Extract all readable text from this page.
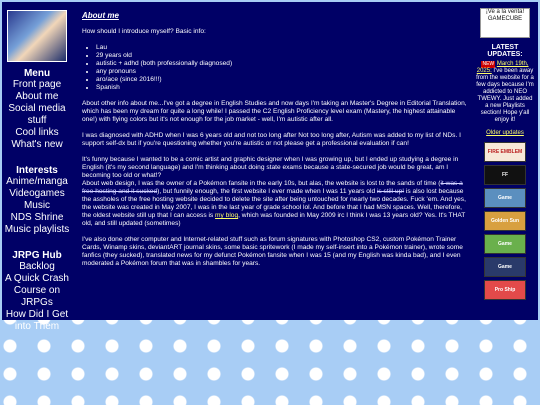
Menu
Front page
About me
Social media stuff
Cool links
What's new
Interests
Anime/manga
Videogames
Music
NDS Shrine
Music playlists
JRPG Hub
Backlog
A Quick Crash Course on JRPGs
How Did I Get into Them
About me

How should I introduce myself? Basic info:

• Lau
• 29 years old
• autistic + adhd (both professionally diagnosed)
• any pronouns
• aro/ace (since 2016!!!)
• Spanish

About other info about me...I've got a degree in English Studies and now days I'm taking an Master's Degree in Editorial Translation, which has been my dream for quite a long while! I passed the C2 English Proficiency level exam (Mastery, the highest attainable one!) with flying colors but it's not enough for the job market - well, I'm autistic after all.

I was diagnosed with ADHD when I was 6 years old and not too long after Not too long after, Autism was added to my list of NDs. I support self-dx but if you're questioning whether you're autistic or not please get a professional evaluation if can!

It's funny because I wanted to be a comic artist and graphic designer when I was growing up, but I ended up studying a degree in English (it's my second language) and I'm thinking about doing state exams because a state-secured job would be great, am I becoming too old or what!?
About web design, I was the owner of a Pokémon fansite in the early 10s, but alas, the website is lost to the sands of time (it was a free hosting and it sucked), but funnily enough, the first website I ever made when I was 11 years old is still up! is also lost because the assholes of the free hosting website decided to delete the site after being untouched for nearly two decades. Fuck 'em. And yes, the website was created in May 2007, I was in the last year of grade school lol. And before that I had MSN spaces. Well, therefore, the oldest website still up that I can access is my blog, which was founded in May 2009 irc I think I was 13 years old? Yes. It's THAT old, and still updated (sometimes)

I've also done other computer and Internet-related stuff such as forum signatures with Photoshop CS2, custom Pokémon Trainer Cards, Winamp skins, deviantART journal skins, some basic spritework (I made my self-insert into a Pokémon trainer), wrote some fanfics (they sucked), translated news for my defunct Pokémon fansite when I was 15 (and my English was kinda bad), and I even moderated a Pokémon forum that was in shambles for years.

¡Ve a la venta!
GAMECUBE
LATEST UPDATES:
NEW March 19th, 2025: I've been away from the website for a few days because I'm addicted to NEO TWEWY. Just added a new Playlists section! Hope y'all enjoy it!
Older updates
FIRE EMBLEM
FF
Game
Golden Sun
Game
Game
Pro Ship
